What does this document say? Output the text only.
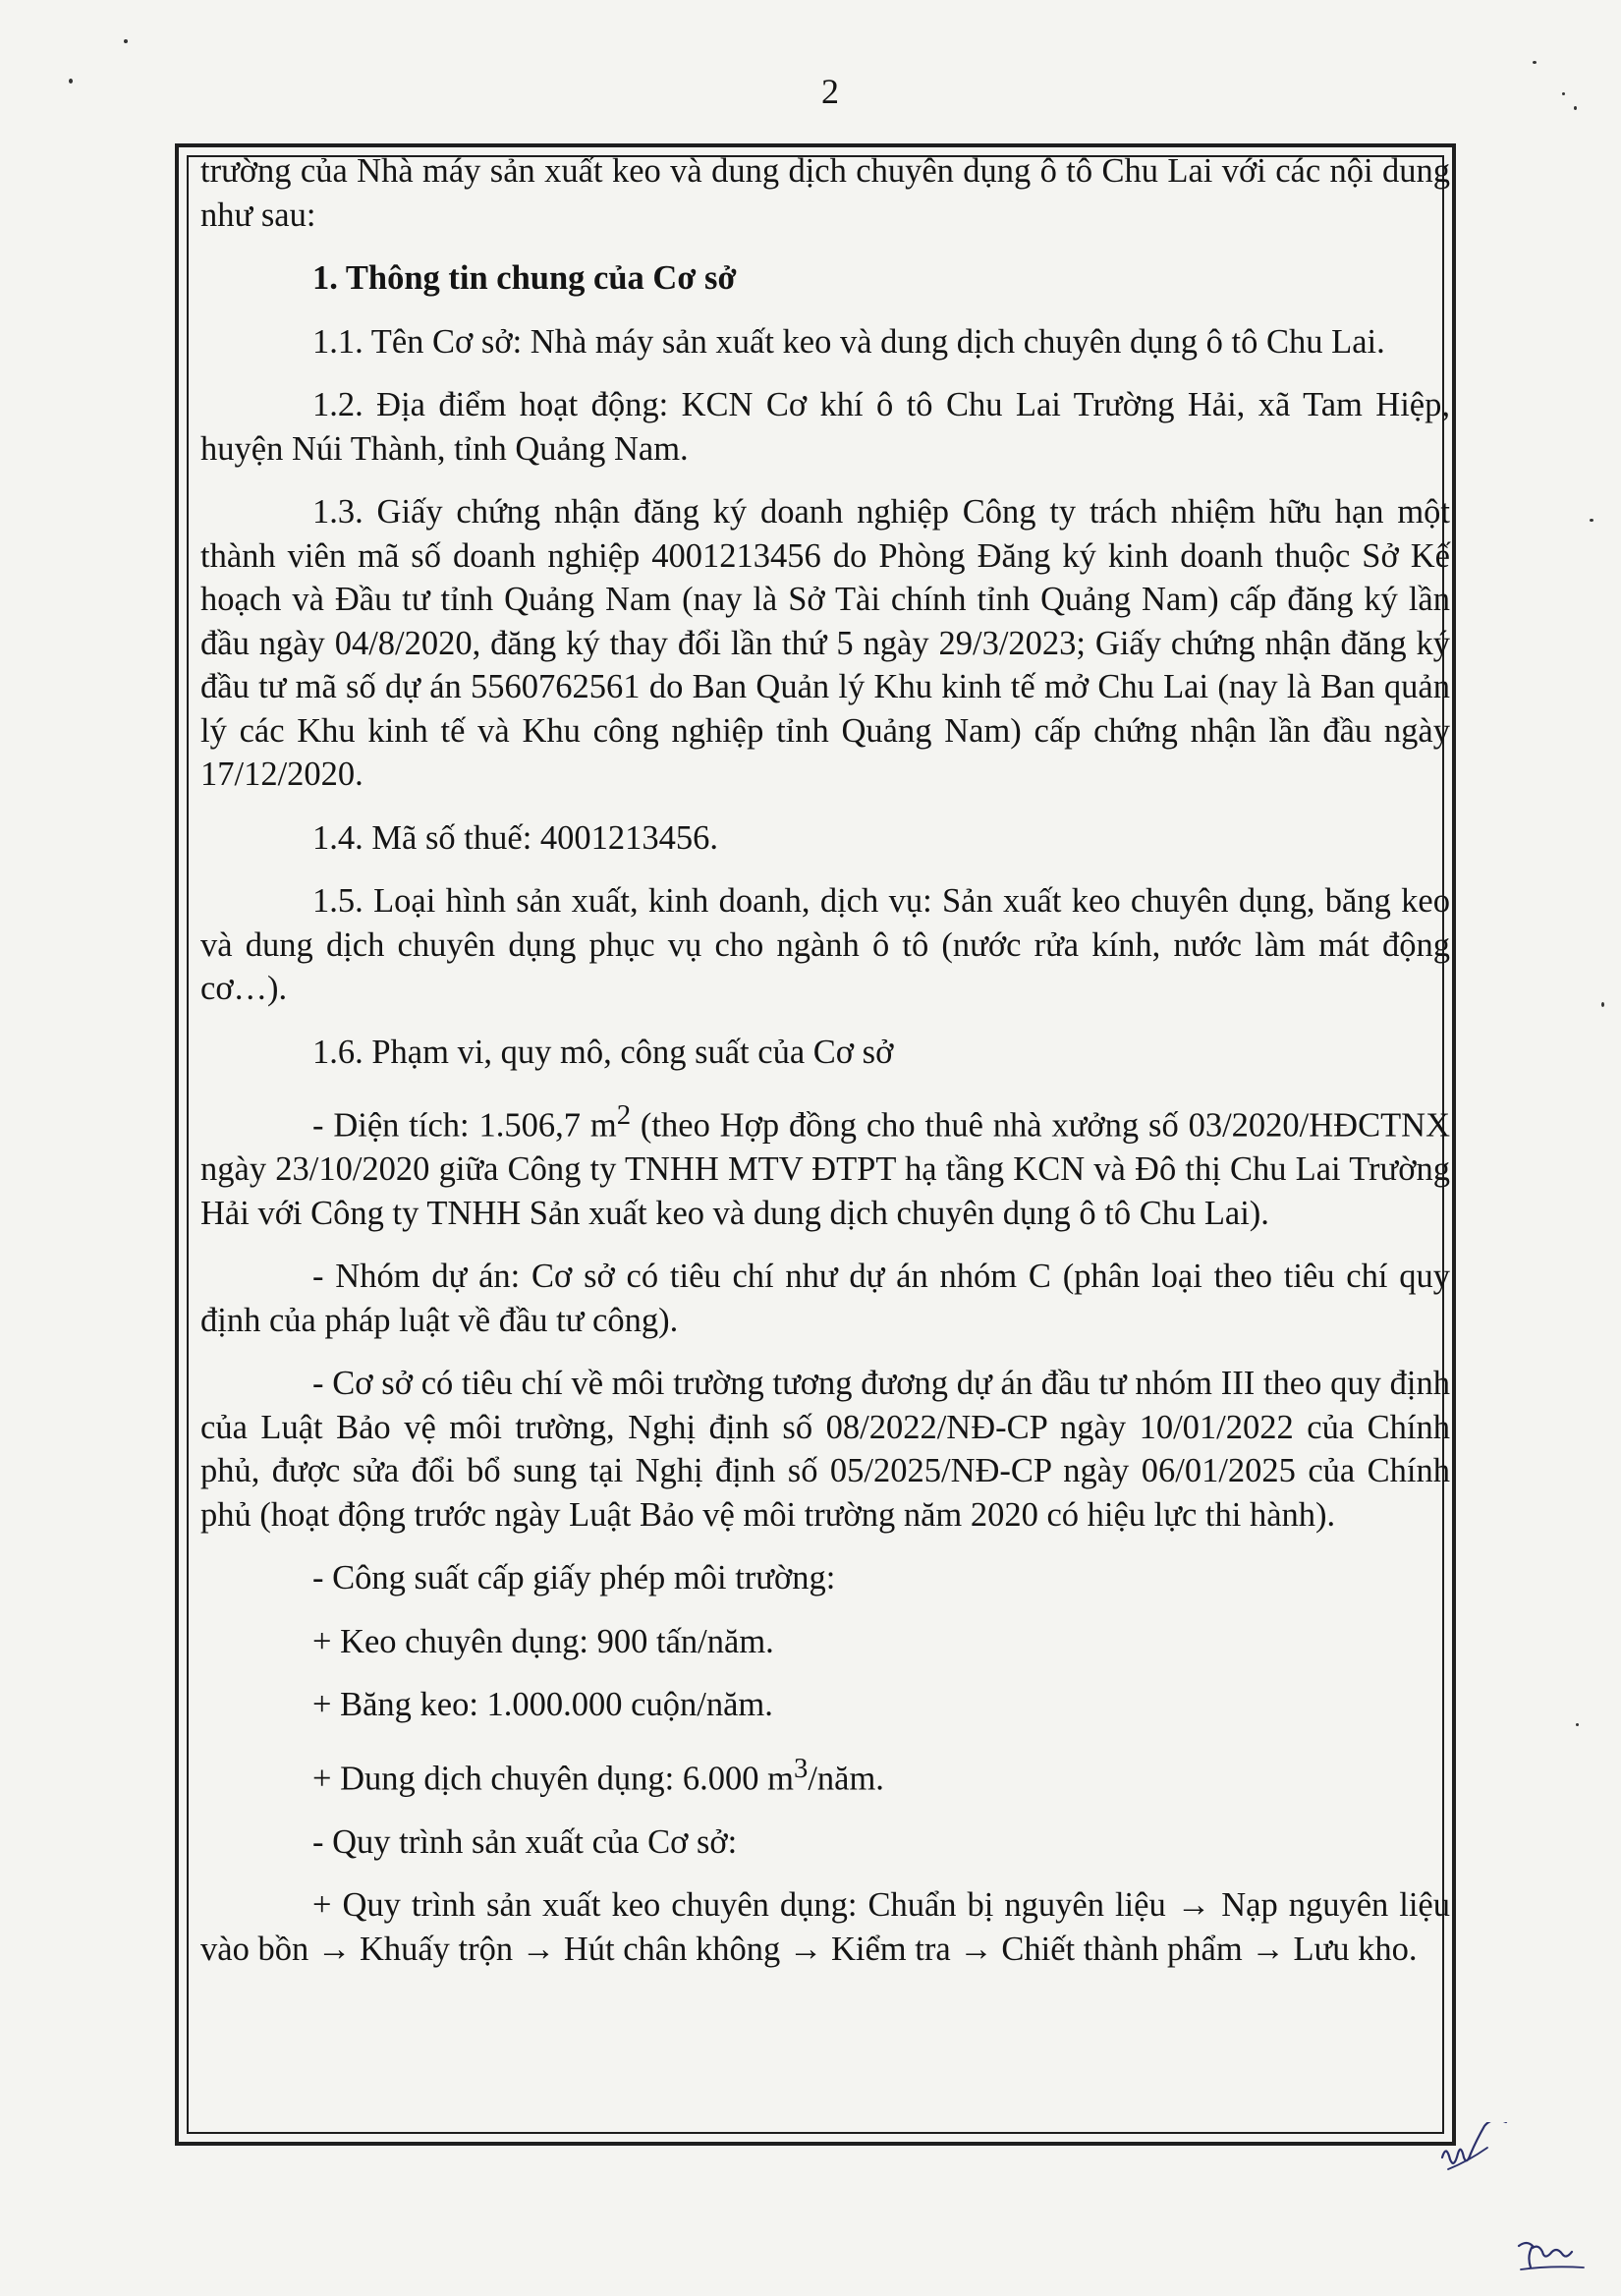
2

trường của Nhà máy sản xuất keo và dung dịch chuyên dụng ô tô Chu Lai với các nội dung như sau:

1. Thông tin chung của Cơ sở

1.1. Tên Cơ sở: Nhà máy sản xuất keo và dung dịch chuyên dụng ô tô Chu Lai.

1.2. Địa điểm hoạt động: KCN Cơ khí ô tô Chu Lai Trường Hải, xã Tam Hiệp, huyện Núi Thành, tỉnh Quảng Nam.

1.3. Giấy chứng nhận đăng ký doanh nghiệp Công ty trách nhiệm hữu hạn một thành viên mã số doanh nghiệp 4001213456 do Phòng Đăng ký kinh doanh thuộc Sở Kế hoạch và Đầu tư tỉnh Quảng Nam (nay là Sở Tài chính tỉnh Quảng Nam) cấp đăng ký lần đầu ngày 04/8/2020, đăng ký thay đổi lần thứ 5 ngày 29/3/2023; Giấy chứng nhận đăng ký đầu tư mã số dự án 5560762561 do Ban Quản lý Khu kinh tế mở Chu Lai (nay là Ban quản lý các Khu kinh tế và Khu công nghiệp tỉnh Quảng Nam) cấp chứng nhận lần đầu ngày 17/12/2020.

1.4. Mã số thuế: 4001213456.

1.5. Loại hình sản xuất, kinh doanh, dịch vụ: Sản xuất keo chuyên dụng, băng keo và dung dịch chuyên dụng phục vụ cho ngành ô tô (nước rửa kính, nước làm mát động cơ…).

1.6. Phạm vi, quy mô, công suất của Cơ sở

- Diện tích: 1.506,7 $m^2$ (theo Hợp đồng cho thuê nhà xưởng số 03/2020/HĐCTNX ngày 23/10/2020 giữa Công ty TNHH MTV ĐTPT hạ tầng KCN và Đô thị Chu Lai Trường Hải với Công ty TNHH Sản xuất keo và dung dịch chuyên dụng ô tô Chu Lai).

- Nhóm dự án: Cơ sở có tiêu chí như dự án nhóm C (phân loại theo tiêu chí quy định của pháp luật về đầu tư công).

- Cơ sở có tiêu chí về môi trường tương đương dự án đầu tư nhóm III theo quy định của Luật Bảo vệ môi trường, Nghị định số 08/2022/NĐ-CP ngày 10/01/2022 của Chính phủ, được sửa đổi bổ sung tại Nghị định số 05/2025/NĐ-CP ngày 06/01/2025 của Chính phủ (hoạt động trước ngày Luật Bảo vệ môi trường năm 2020 có hiệu lực thi hành).

- Công suất cấp giấy phép môi trường:

+ Keo chuyên dụng: 900 tấn/năm.

+ Băng keo: 1.000.000 cuộn/năm.

+ Dung dịch chuyên dụng: 6.000 $m^3$/năm.

- Quy trình sản xuất của Cơ sở:

+ Quy trình sản xuất keo chuyên dụng: Chuẩn bị nguyên liệu → Nạp nguyên liệu vào bồn → Khuấy trộn → Hút chân không → Kiểm tra → Chiết thành phẩm → Lưu kho.
